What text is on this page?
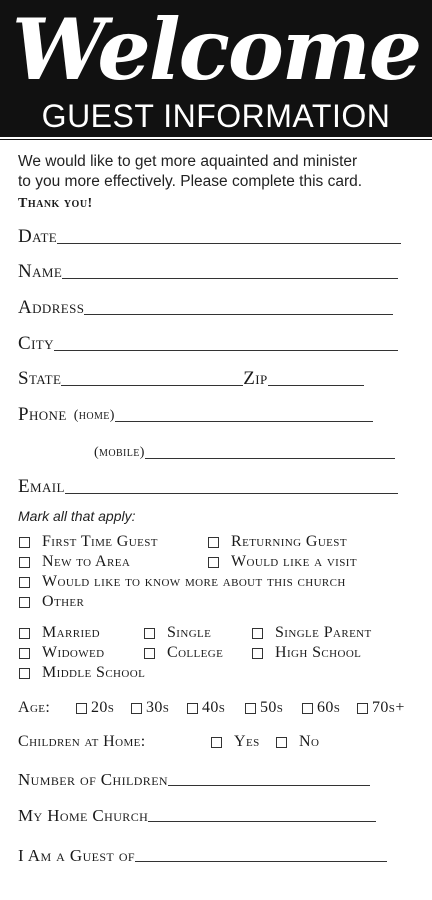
Welcome
GUEST INFORMATION
We would like to get more aquainted and minister
to you more effectively. Please complete this card.
Thank you!
Date
Name
Address
City
State	Zip
Phone (home)
(mobile)
Email
Mark all that apply:
First Time Guest	Returning Guest
New to Area	Would like a visit
Would like to know more about this church
Other
Married	Single	Single Parent
Widowed	College	High School
Middle School
Age:	20s 30s 40s 50s 60s 70s+
Children at Home:	Yes No
Number of Children
My Home Church
I Am a Guest of
